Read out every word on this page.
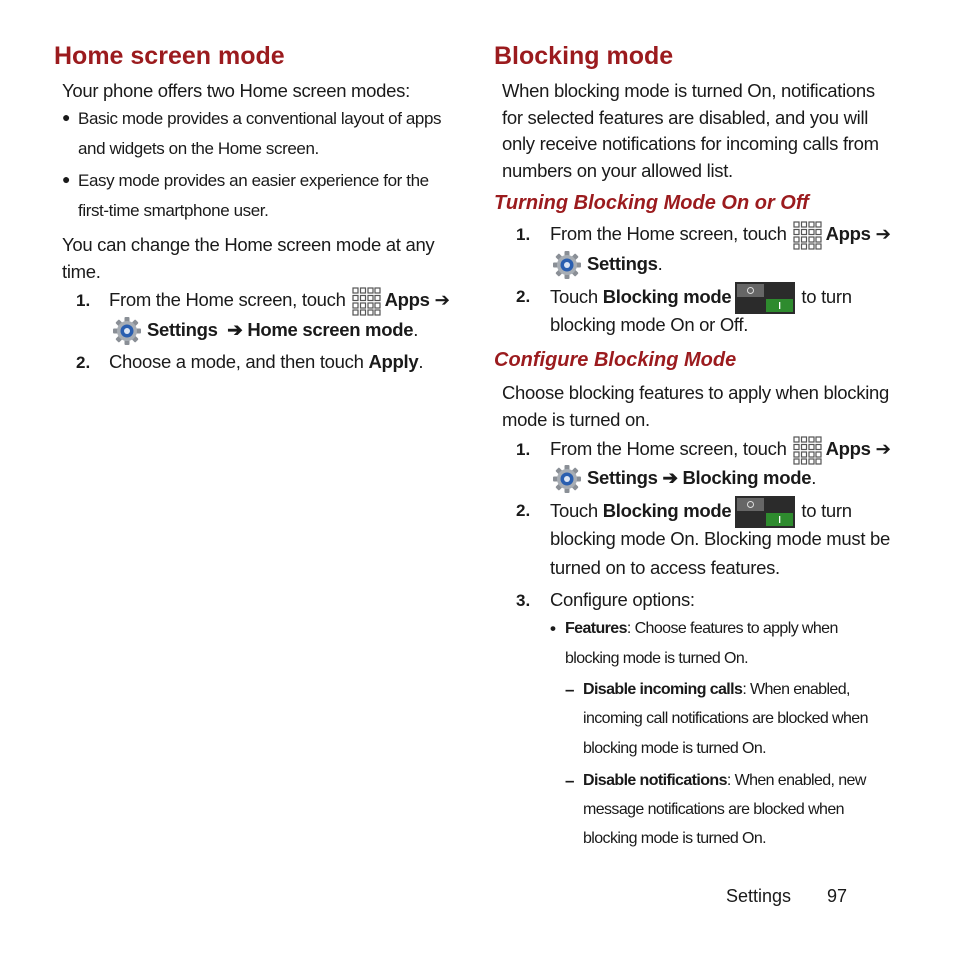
Home screen mode

Your phone offers two Home screen modes:

● Basic mode provides a conventional layout of apps

and widgets on the Home screen.

● Easy mode provides an easier experience for the

first-time smartphone user.

You can change the Home screen mode at any

time.

1. From the Home screen, touch Apps ➔

Settings ➔ Home screen mode.

2. Choose a mode, and then touch Apply.

Blocking mode

When blocking mode is turned On, notifications

for selected features are disabled, and you will

only receive notifications for incoming calls from

numbers on your allowed list.

Turning Blocking Mode On or Off
1. From the Home screen, touch Apps ➔

Settings.

2. Touch Blocking mode	to turn

blocking mode On or Off.

Configure Blocking Mode

Choose blocking features to apply when blocking

mode is turned on.

1. From the Home screen, touch Apps ➔

Settings ➔ Blocking mode.

2. Touch Blocking mode	to turn

blocking mode On. Blocking mode must be

turned on to access features.

3. Configure options:

• Features: Choose features to apply when

blocking mode is turned On.

– Disable incoming calls: When enabled,

incoming call notifications are blocked when

blocking mode is turned On.

– Disable notifications: When enabled, new

message notifications are blocked when

blocking mode is turned On.

Settings 97
